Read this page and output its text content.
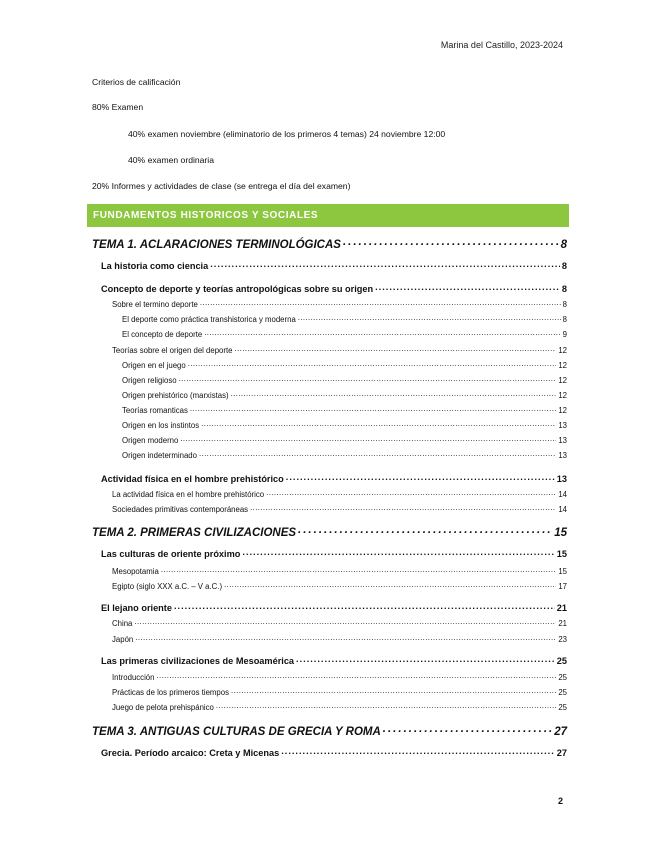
Marina del Castillo, 2023-2024
Criterios de calificación
80% Examen
40% examen noviembre (eliminatorio de los primeros 4 temas) 24 noviembre 12:00
40% examen ordinaria
20% Informes y actividades de clase (se entrega el día del examen)
FUNDAMENTOS HISTORICOS Y SOCIALES
TEMA 1. ACLARACIONES TERMINOLÓGICAS .....	8
La historia como ciencia .....	8
Concepto de deporte y teorías antropológicas sobre su origen .....	8
Sobre el termino deporte .....	8
El deporte como práctica transhistorica y moderna .....	8
El concepto de deporte .....	9
Teorías sobre el origen del deporte .....	12
Origen en el juego .....	12
Origen religioso .....	12
Origen prehistórico (marxistas) .....	12
Teorías romanticas .....	12
Origen en los instintos .....	13
Origen moderno .....	13
Origen indeterminado .....	13
Actividad física en el hombre prehistórico .....	13
La actividad física en el hombre prehistórico .....	14
Sociedades primitivas contemporáneas .....	14
TEMA 2. PRIMERAS CIVILIZACIONES .....	15
Las culturas de oriente próximo .....	15
Mesopotamia .....	15
Egipto (siglo XXX a.C. – V a.C.) .....	17
El lejano oriente .....	21
China .....	21
Japón .....	23
Las primeras civilizaciones de Mesoamérica .....	25
Introducción .....	25
Prácticas de los primeros tiempos .....	25
Juego de pelota prehispánico .....	25
TEMA 3. ANTIGUAS CULTURAS DE GRECIA Y ROMA .....	27
Grecia. Período arcaico: Creta y Micenas .....	27
2
